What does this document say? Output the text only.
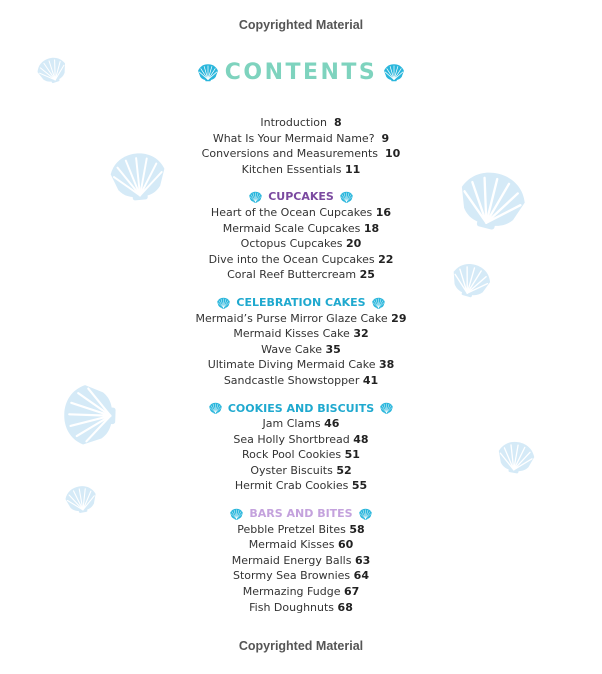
Copyrighted Material
CONTENTS
Introduction 8
What Is Your Mermaid Name? 9
Conversions and Measurements 10
Kitchen Essentials 11
CUPCAKES
Heart of the Ocean Cupcakes 16
Mermaid Scale Cupcakes 18
Octopus Cupcakes 20
Dive into the Ocean Cupcakes 22
Coral Reef Buttercream 25
CELEBRATION CAKES
Mermaid’s Purse Mirror Glaze Cake 29
Mermaid Kisses Cake 32
Wave Cake 35
Ultimate Diving Mermaid Cake 38
Sandcastle Showstopper 41
COOKIES AND BISCUITS
Jam Clams 46
Sea Holly Shortbread 48
Rock Pool Cookies 51
Oyster Biscuits 52
Hermit Crab Cookies 55
BARS AND BITES
Pebble Pretzel Bites 58
Mermaid Kisses 60
Mermaid Energy Balls 63
Stormy Sea Brownies 64
Mermazing Fudge 67
Fish Doughnuts 68
Copyrighted Material
